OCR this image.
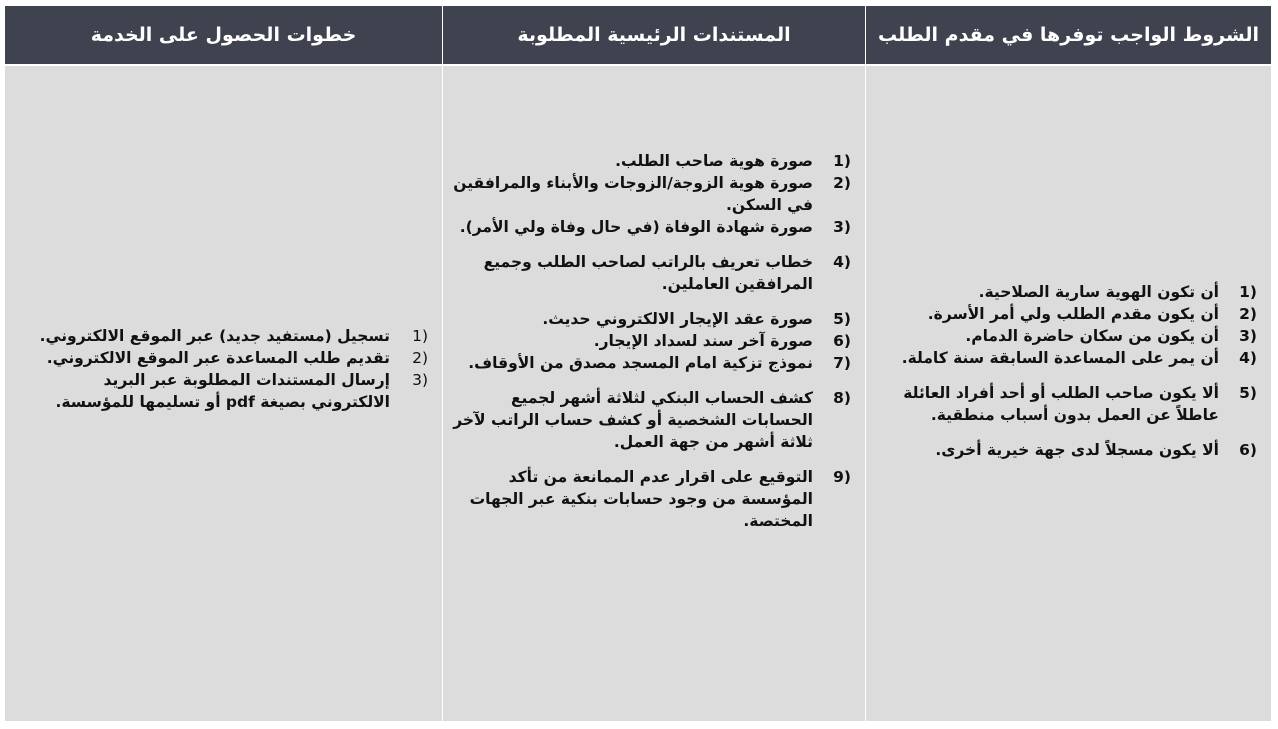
خطوات الحصول على الخدمة	المستندات الرئيسية المطلوبة	الشروط الواجب توفرها في مقدم الطلب
1)
تسجيل (مستفيد جديد) عبر الموقع الالكتروني.
2)
تقديم طلب المساعدة عبر الموقع الالكتروني.
3)
إرسال المستندات المطلوبة عبر البريد الالكتروني بصيغة pdf أو تسليمها للمؤسسة.
1)
صورة هوية صاحب الطلب.
2)
صورة هوية الزوجة/الزوجات والأبناء والمرافقين في السكن.
3)
صورة شهادة الوفاة (في حال وفاة ولي الأمر).
4)
خطاب تعريف بالراتب لصاحب الطلب وجميع المرافقين العاملين.
5)
صورة عقد الإيجار الالكتروني حديث.
6)
صورة آخر سند لسداد الإيجار.
7)
نموذج تزكية امام المسجد مصدق من الأوقاف.
8)
كشف الحساب البنكي لثلاثة أشهر لجميع الحسابات الشخصية أو كشف حساب الراتب لآخر ثلاثة أشهر من جهة العمل.
9)
التوقيع على اقرار عدم الممانعة من تأكد المؤسسة من وجود حسابات بنكية عبر الجهات المختصة.
1)
أن تكون الهوية سارية الصلاحية.
2)
أن يكون مقدم الطلب ولي أمر الأسرة.
3)
أن يكون من سكان حاضرة الدمام.
4)
أن يمر على المساعدة السابقة سنة كاملة.
5)
ألا يكون صاحب الطلب أو أحد أفراد العائلة عاطلاً عن العمل بدون أسباب منطقية.
6)
ألا يكون مسجلاً لدى جهة خيرية أخرى.
